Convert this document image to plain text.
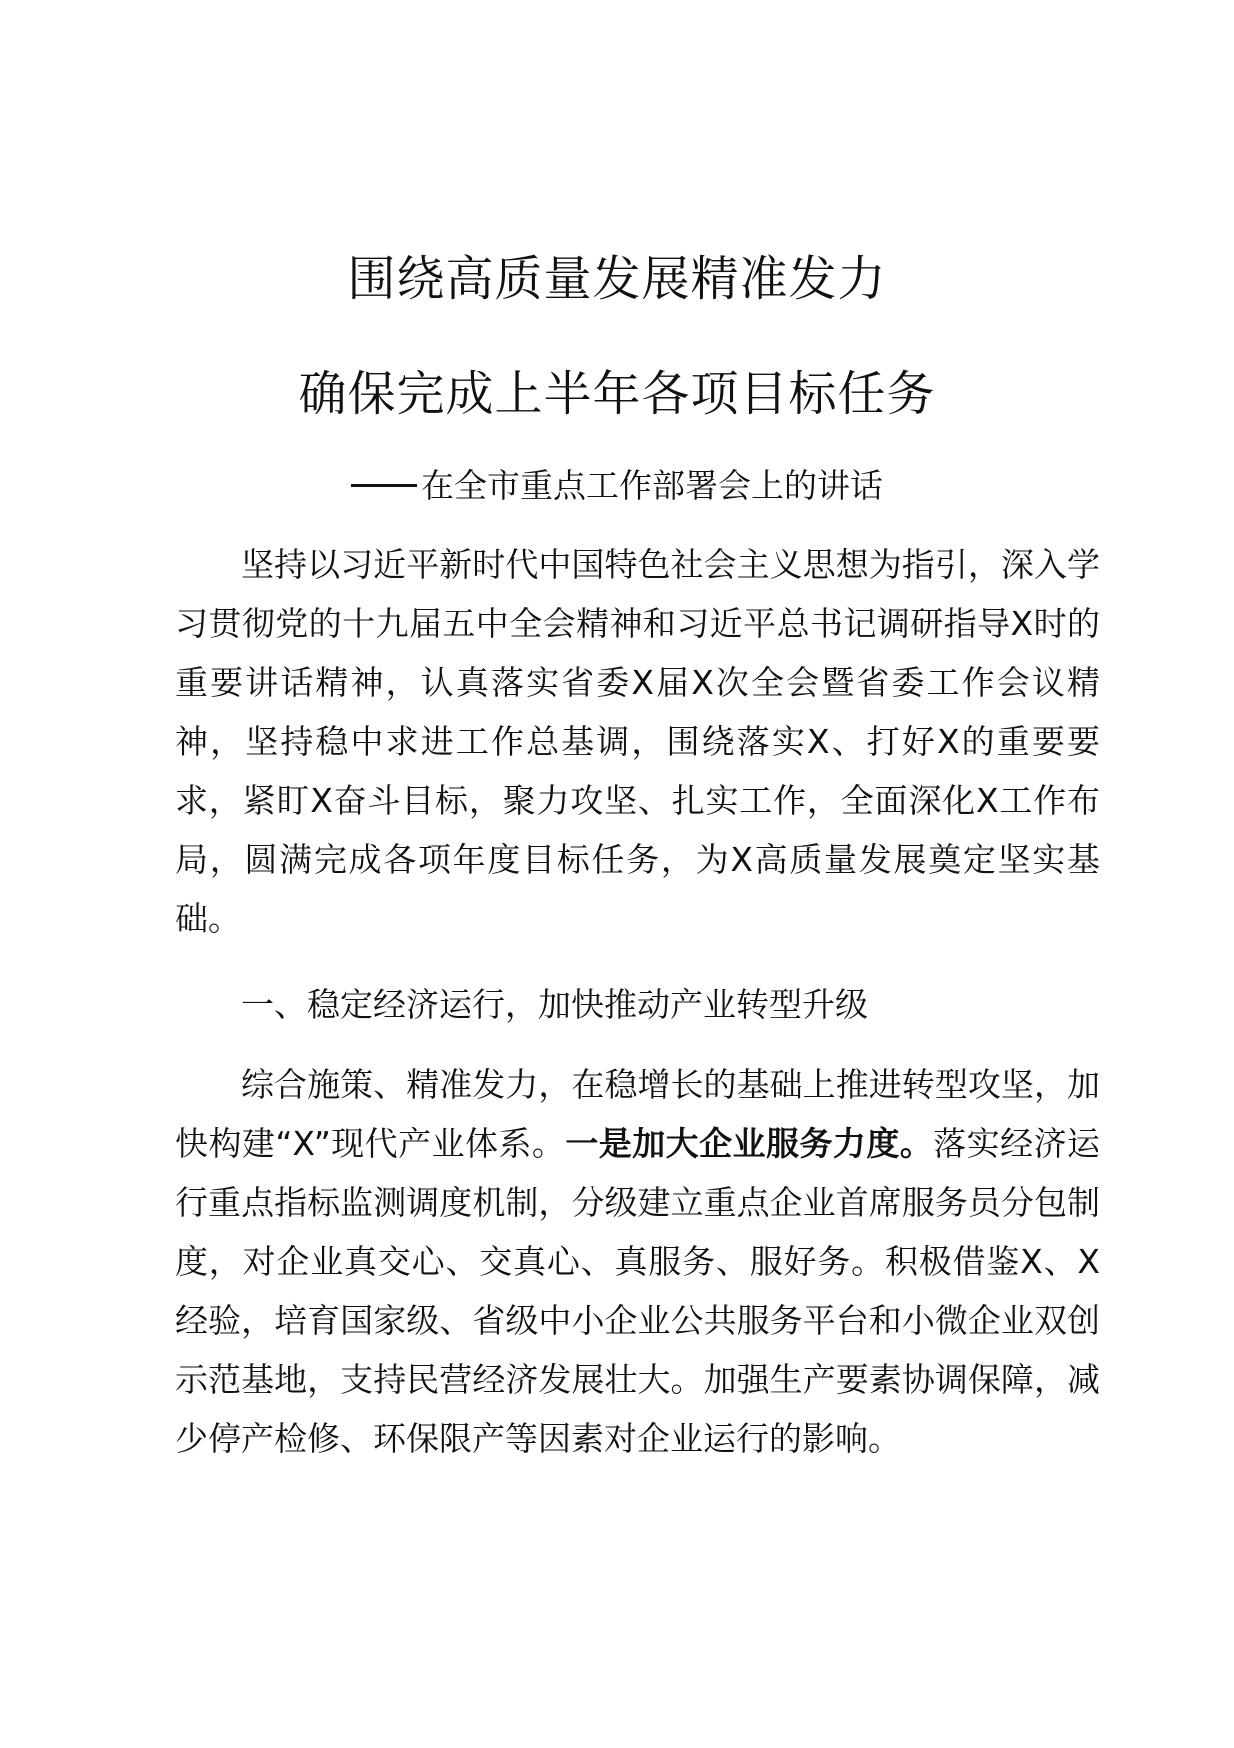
围绕高质量发展精准发力
确保完成上半年各项目标任务

在全市重点工作部署会上的讲话

坚持以习近平新时代中国特色社会主义思想为指引，深入学习贯彻党的十九届五中全会精神和习近平总书记调研指导X时的重要讲话精神，认真落实省委X届X次全会暨省委工作会议精神，坚持稳中求进工作总基调，围绕落实X、打好X的重要要求，紧盯X奋斗目标，聚力攻坚、扎实工作，全面深化X工作布局，圆满完成各项年度目标任务，为X高质量发展奠定坚实基础。

一、稳定经济运行，加快推动产业转型升级

综合施策、精准发力，在稳增长的基础上推进转型攻坚，加快构建“X”现代产业体系。一是加大企业服务力度。落实经济运行重点指标监测调度机制，分级建立重点企业首席服务员分包制度，对企业真交心、交真心、真服务、服好务。积极借鉴X、X经验，培育国家级、省级中小企业公共服务平台和小微企业双创示范基地，支持民营经济发展壮大。加强生产要素协调保障，减少停产检修、环保限产等因素对企业运行的影响。
